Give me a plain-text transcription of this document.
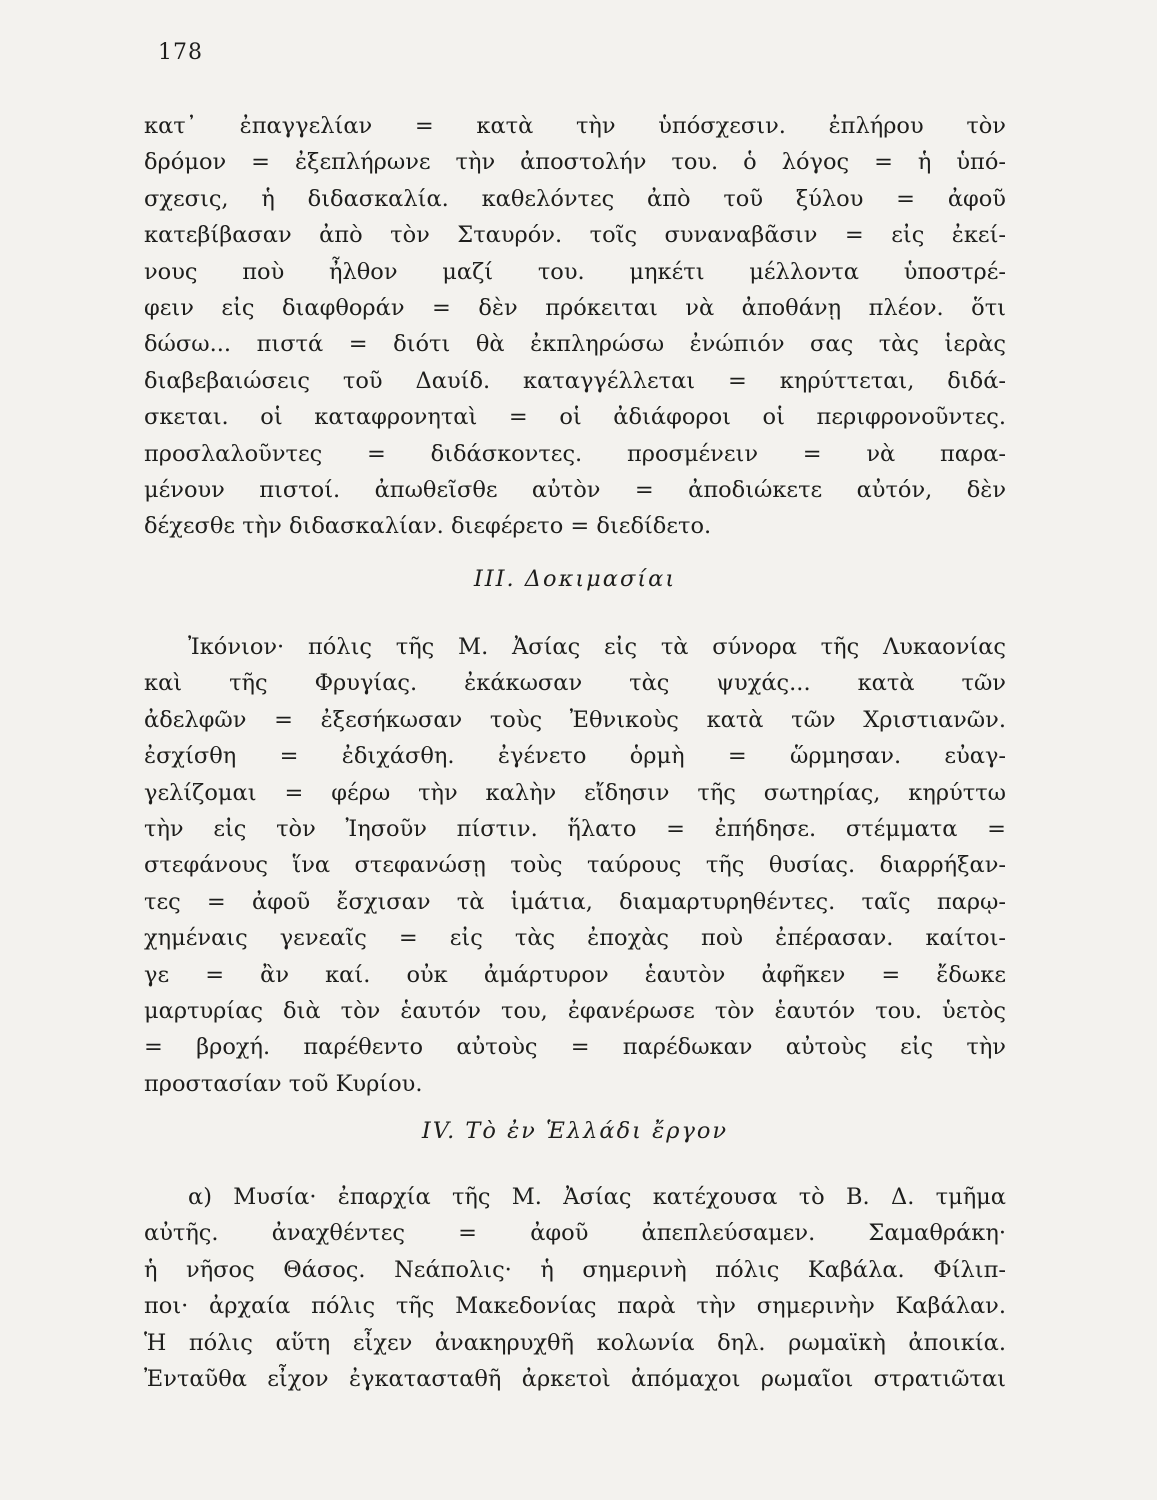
178
κατ᾽ ἐπαγγελίαν = κατὰ τὴν ὑπόσχεσιν. ἐπλήρου τὸν
δρόμον = ἐξεπλήρωνε τὴν ἀποστολήν του. ὁ λόγος = ἡ ὑπό-
σχεσις, ἡ διδασκαλία. καθελόντες ἀπὸ τοῦ ξύλου = ἀφοῦ
κατεβίβασαν ἀπὸ τὸν Σταυρόν. τοῖς συναναβᾶσιν = εἰς ἐκεί-
νους ποὺ ἦλθον μαζί του. μηκέτι μέλλοντα ὑποστρέ-
φειν εἰς διαφθοράν = δὲν πρόκειται νὰ ἀποθάνῃ πλέον. ὅτι
δώσω... πιστά = διότι θὰ ἐκπληρώσω ἐνώπιόν σας τὰς ἱερὰς
διαβεβαιώσεις τοῦ Δαυίδ. καταγγέλλεται = κηρύττεται, διδά-
σκεται. οἱ καταφρονηταὶ = οἱ ἀδιάφοροι οἱ περιφρονοῦντες.
προσλαλοῦντες = διδάσκοντες. προσμένειν = νὰ παρα-
μένουν πιστοί. ἀπωθεῖσθε αὐτὸν = ἀποδιώκετε αὐτόν, δὲν
δέχεσθε τὴν διδασκαλίαν. διεφέρετο = διεδίδετο.
III. Δοκιμασίαι
Ἰκόνιον· πόλις τῆς Μ. Ἀσίας εἰς τὰ σύνορα τῆς Λυκαονίας
καὶ τῆς Φρυγίας. ἐκάκωσαν τὰς ψυχάς... κατὰ τῶν
ἀδελφῶν = ἐξεσήκωσαν τοὺς Ἐθνικοὺς κατὰ τῶν Χριστιανῶν.
ἐσχίσθη = ἐδιχάσθη. ἐγένετο ὁρμὴ = ὥρμησαν. εὐαγ-
γελίζομαι = φέρω τὴν καλὴν εἴδησιν τῆς σωτηρίας, κηρύττω
τὴν εἰς τὸν Ἰησοῦν πίστιν. ἥλατο = ἐπήδησε. στέμματα =
στεφάνους ἵνα στεφανώσῃ τοὺς ταύρους τῆς θυσίας. διαρρήξαν-
τες = ἀφοῦ ἔσχισαν τὰ ἱμάτια, διαμαρτυρηθέντες. ταῖς παρῳ-
χημέναις γενεαῖς = εἰς τὰς ἐποχὰς ποὺ ἐπέρασαν. καίτοι-
γε = ἂν καί. οὐκ ἀμάρτυρον ἑαυτὸν ἀφῆκεν = ἔδωκε
μαρτυρίας διὰ τὸν ἑαυτόν του, ἐφανέρωσε τὸν ἑαυτόν του. ὑετὸς
= βροχή. παρέθεντο αὐτοὺς = παρέδωκαν αὐτοὺς εἰς τὴν
προστασίαν τοῦ Κυρίου.
IV. Τὸ ἐν Ἑλλάδι ἔργον
α) Μυσία· ἐπαρχία τῆς Μ. Ἀσίας κατέχουσα τὸ Β. Δ. τμῆμα
αὐτῆς. ἀναχθέντες = ἀφοῦ ἀπεπλεύσαμεν. Σαμαθράκη·
ἡ νῆσος Θάσος. Νεάπολις· ἡ σημερινὴ πόλις Καβάλα. Φίλιπ-
ποι· ἀρχαία πόλις τῆς Μακεδονίας παρὰ τὴν σημερινὴν Καβάλαν.
Ἡ πόλις αὕτη εἶχεν ἀνακηρυχθῆ κολωνία δηλ. ρωμαϊκὴ ἀποικία.
Ἐνταῦθα εἶχον ἐγκατασταθῆ ἀρκετοὶ ἀπόμαχοι ρωμαῖοι στρατιῶται
